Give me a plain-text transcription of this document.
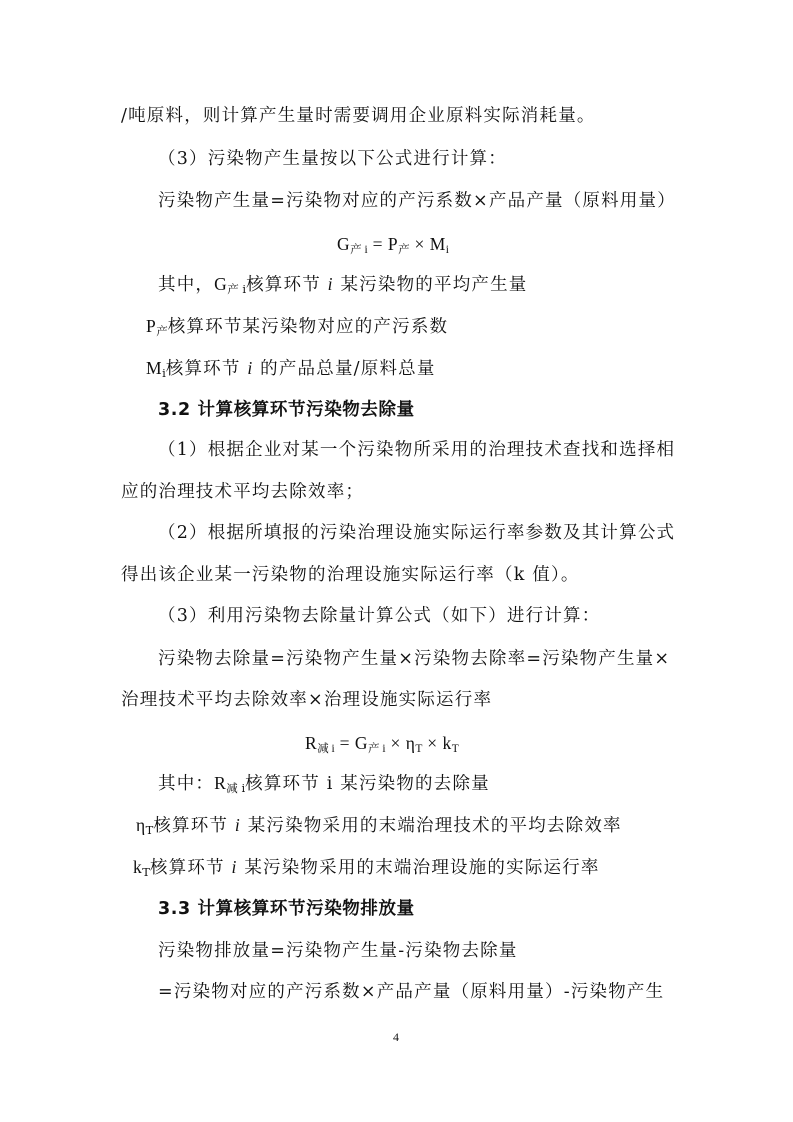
/吨原料，则计算产生量时需要调用企业原料实际消耗量。
（3）污染物产生量按以下公式进行计算：
污染物产生量=污染物对应的产污系数×产品产量（原料用量）
$G_{产 i} = P_产 \times M_i$
其中，$G_{产 i}$核算环节 i 某污染物的平均产生量
$P_产$核算环节某污染物对应的产污系数
$M_i$核算环节 i 的产品总量/原料总量
3.2 计算核算环节污染物去除量
（1）根据企业对某一个污染物所采用的治理技术查找和选择相
应的治理技术平均去除效率；
（2）根据所填报的污染治理设施实际运行率参数及其计算公式
得出该企业某一污染物的治理设施实际运行率（k 值）。
（3）利用污染物去除量计算公式（如下）进行计算：
污染物去除量=污染物产生量×污染物去除率=污染物产生量×
治理技术平均去除效率×治理设施实际运行率
$R_{减 i} = G_{产 i} \times \eta_T \times k_T$
其中：$R_{减 i}$核算环节 i 某污染物的去除量
$\eta_T$核算环节 i 某污染物采用的末端治理技术的平均去除效率
$k_T$核算环节 i 某污染物采用的末端治理设施的实际运行率
3.3 计算核算环节污染物排放量
污染物排放量=污染物产生量-污染物去除量
=污染物对应的产污系数×产品产量（原料用量）-污染物产生
4
